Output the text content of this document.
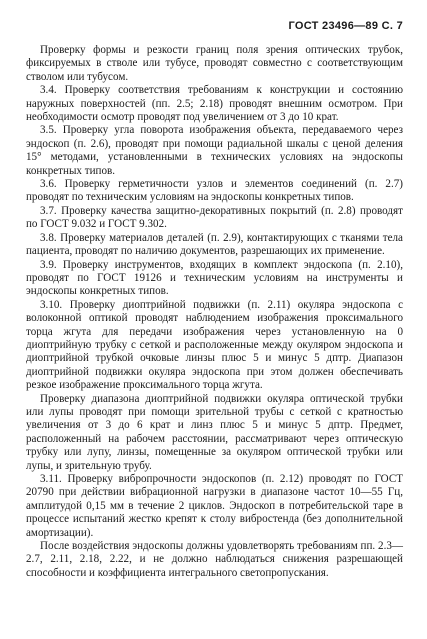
ГОСТ 23496—89 С. 7

Проверку формы и резкости границ поля зрения оптических трубок, фиксируемых в стволе или тубусе, проводят совместно с соответствующим стволом или тубусом.

3.4. Проверку соответствия требованиям к конструкции и состоянию наружных поверхностей (пп. 2.5; 2.18) проводят внешним осмотром. При необходимости осмотр проводят под увеличением от 3 до 10 крат.

3.5. Проверку угла поворота изображения объекта, передаваемого через эндоскоп (п. 2.6), проводят при помощи радиальной шкалы с ценой деления 15° методами, установленными в технических условиях на эндоскопы конкретных типов.

3.6. Проверку герметичности узлов и элементов соединений (п. 2.7) проводят по техническим условиям на эндоскопы конкретных типов.

3.7. Проверку качества защитно-декоративных покрытий (п. 2.8) проводят по ГОСТ 9.032 и ГОСТ 9.302.

3.8. Проверку материалов деталей (п. 2.9), контактирующих с тканями тела пациента, проводят по наличию документов, разрешающих их применение.

3.9. Проверку инструментов, входящих в комплект эндоскопа (п. 2.10), проводят по ГОСТ 19126 и техническим условиям на инструменты и эндоскопы конкретных типов.

3.10. Проверку диоптрийной подвижки (п. 2.11) окуляра эндоскопа с волоконной оптикой проводят наблюдением изображения проксимального торца жгута для передачи изображения через установленную на 0 диоптрийную трубку с сеткой и расположенные между окуляром эндоскопа и диоптрийной трубкой очковые линзы плюс 5 и минус 5 дптр. Диапазон диоптрийной подвижки окуляра эндоскопа при этом должен обеспечивать резкое изображение проксимального торца жгута.

Проверку диапазона диоптрийной подвижки окуляра оптической трубки или лупы проводят при помощи зрительной трубы с сеткой с кратностью увеличения от 3 до 6 крат и линз плюс 5 и минус 5 дптр. Предмет, расположенный на рабочем расстоянии, рассматривают через оптическую трубку или лупу, линзы, помещенные за окуляром оптической трубки или лупы, и зрительную трубу.

3.11. Проверку вибропрочности эндоскопов (п. 2.12) проводят по ГОСТ 20790 при действии вибрационной нагрузки в диапазоне частот 10—55 Гц, амплитудой 0,15 мм в течение 2 циклов. Эндоскоп в потребительской таре в процессе испытаний жестко крепят к столу вибростенда (без дополнительной амортизации).

После воздействия эндоскопы должны удовлетворять требованиям пп. 2.3—2.7, 2.11, 2.18, 2.22, и не должно наблюдаться снижения разрешающей способности и коэффициента интегрального светопропускания.
